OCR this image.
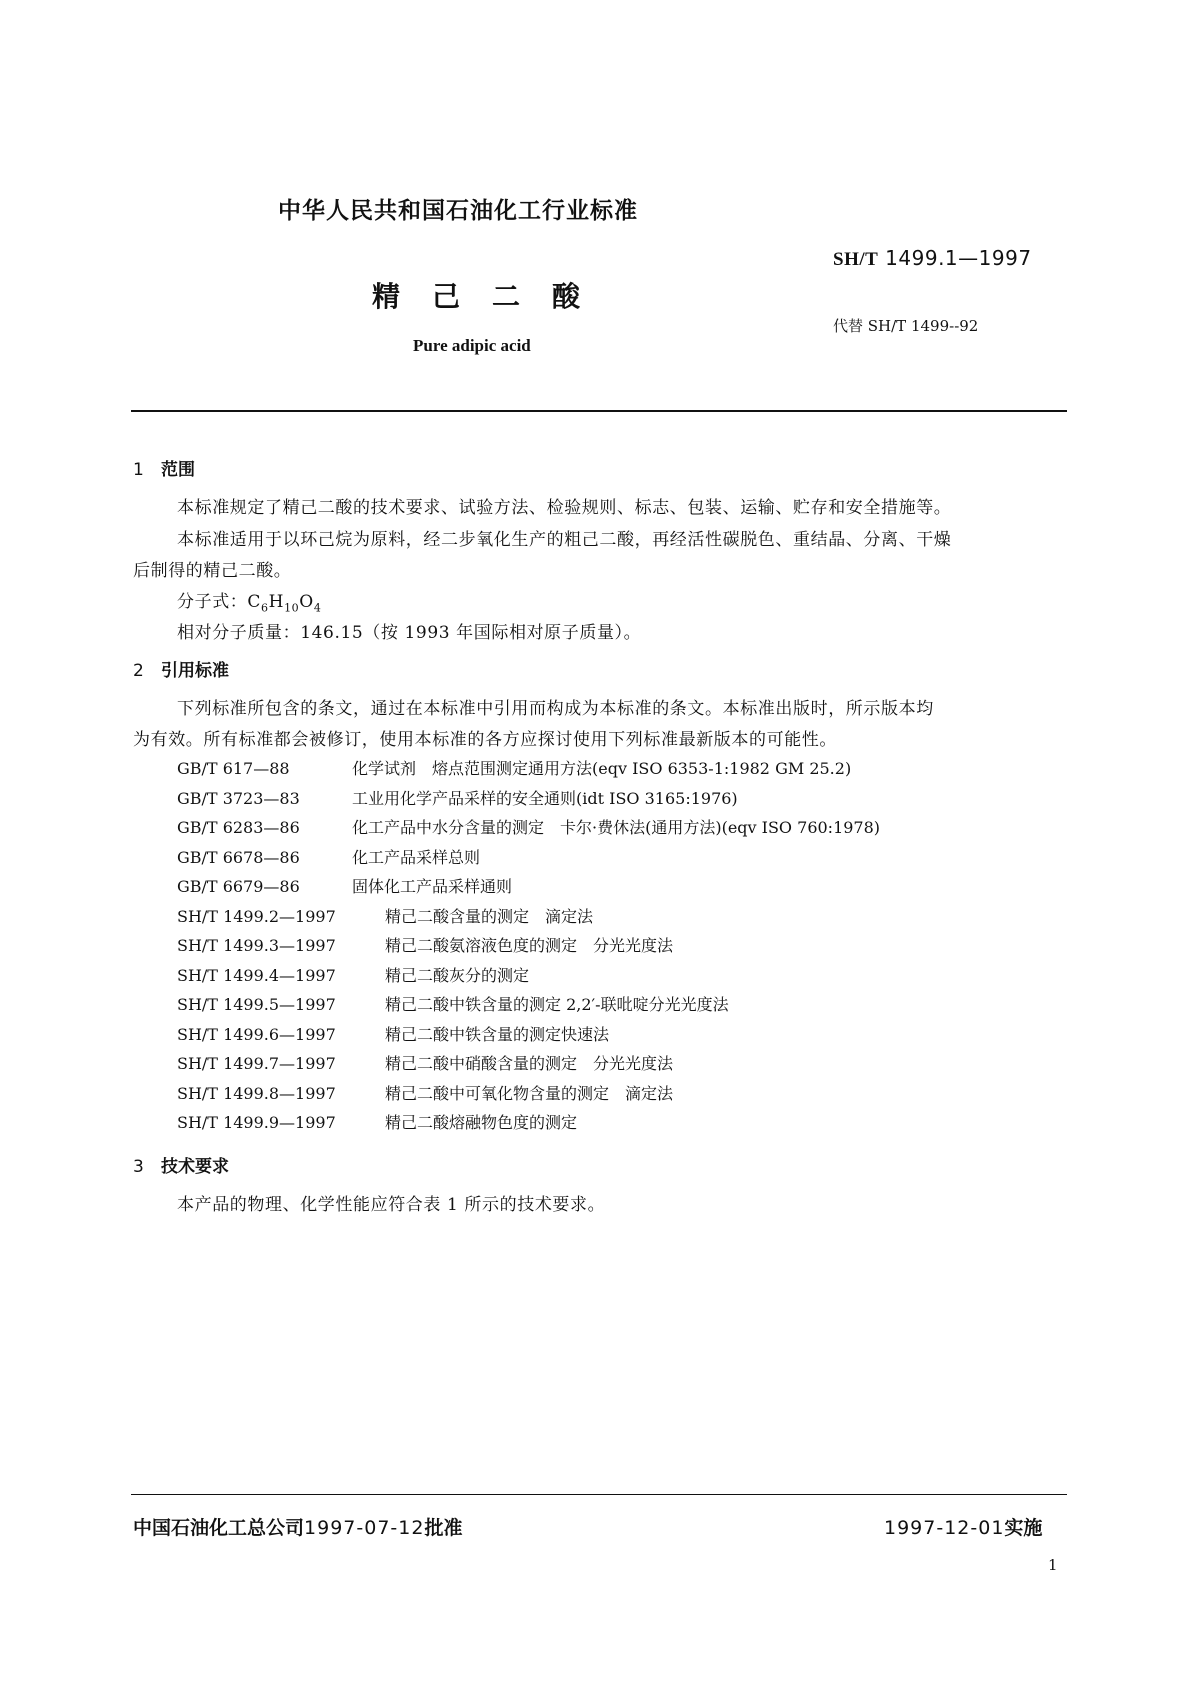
中华人民共和国石油化工行业标准
SH/T 1499.1—1997
精己二酸
代替 SH/T 1499--92
Pure adipic acid
1 范围
本标准规定了精己二酸的技术要求、试验方法、检验规则、标志、包装、运输、贮存和安全措施等。
本标准适用于以环己烷为原料，经二步氧化生产的粗己二酸，再经活性碳脱色、重结晶、分离、干燥
后制得的精己二酸。
分子式：$C_6H_{10}O_4$
相对分子质量：146.15（按 1993 年国际相对原子质量）。
2 引用标准
下列标准所包含的条文，通过在本标准中引用而构成为本标准的条文。本标准出版时，所示版本均
为有效。所有标准都会被修订，使用本标准的各方应探讨使用下列标准最新版本的可能性。
GB/T 617—88	化学试剂　熔点范围测定通用方法(eqv ISO 6353-1:1982 GM 25.2)
GB/T 3723—83	工业用化学产品采样的安全通则(idt ISO 3165:1976)
GB/T 6283—86	化工产品中水分含量的测定　卡尔·费休法(通用方法)(eqv ISO 760:1978)
GB/T 6678—86	化工产品采样总则
GB/T 6679—86	固体化工产品采样通则
SH/T 1499.2—1997	精己二酸含量的测定　滴定法
SH/T 1499.3—1997	精己二酸氨溶液色度的测定　分光光度法
SH/T 1499.4—1997	精己二酸灰分的测定
SH/T 1499.5—1997	精己二酸中铁含量的测定 2,2′-联吡啶分光光度法
SH/T 1499.6—1997	精己二酸中铁含量的测定快速法
SH/T 1499.7—1997	精己二酸中硝酸含量的测定　分光光度法
SH/T 1499.8—1997	精己二酸中可氧化物含量的测定　滴定法
SH/T 1499.9—1997	精己二酸熔融物色度的测定
3 技术要求
本产品的物理、化学性能应符合表 1 所示的技术要求。
中国石油化工总公司1997-07-12批准	1997-12-01实施
1
